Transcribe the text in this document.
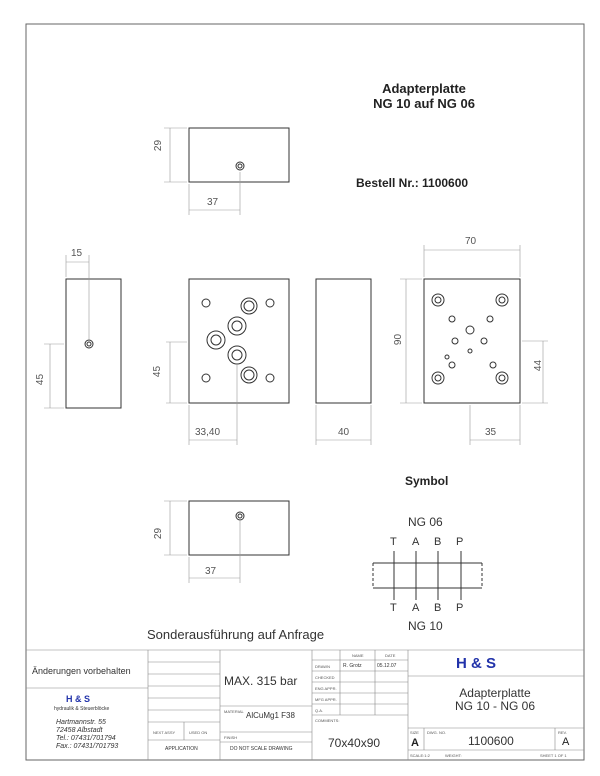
Adapterplatte
NG 10 auf NG 06
Bestell Nr.: 1100600
29
37
15
45
33,40
45
40
70
90
35
44
29
37
Symbol
NG 06
T A B P
T A B P
NG 10
Sonderausführung auf Anfrage
Änderungen vorbehalten
H & S
hydraulik & Steuerblöcke
Hartmannstr. 55
72458 Albstadt
Tel.: 07431/701794
Fax.: 07431/701793
NEXT ASSY	USED ON
APPLICATION
MAX. 315 bar
MATERIAL AlCuMg1 F38
FINISH
DO NOT SCALE DRAWING
NAME	DATE
DRAWN	R. Grotz	05.12.07
CHECKED
ENG APPR.
MFG APPR.
Q.A.
COMMENTS:
70x40x90
H & S
Adapterplatte
NG 10 - NG 06
SIZE
A
DWG. NO.
1100600
REV.
A
SCALE:1:2	WEIGHT:	SHEET 1 OF 1
